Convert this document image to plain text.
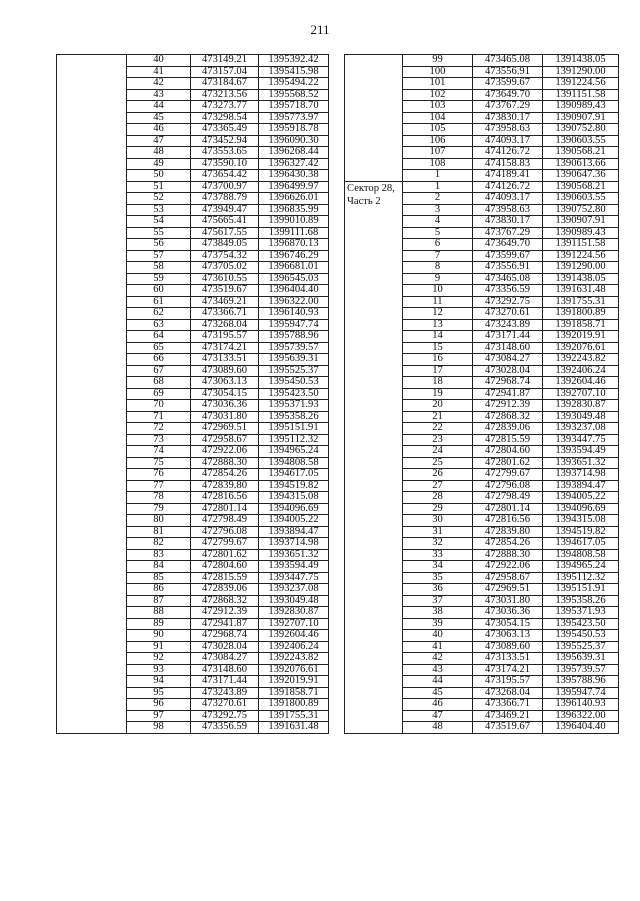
211
	40	473149.21	1395392.42
	41	473157.04	1395415.98
	42	473184.67	1395494.22
	43	473213.56	1395568.52
	44	473273.77	1395718.70
	45	473298.54	1395773.97
	46	473365.49	1395918.78
	47	473452.94	1396090.30
	48	473553.65	1396268.44
	49	473590.10	1396327.42
	50	473654.42	1396430.38
	51	473700.97	1396499.97
	52	473788.79	1396626.01
	53	473949.47	1396835.99
	54	475665.41	1399010.89
	55	475617.55	1399111.68
	56	473849.05	1396870.13
	57	473754.32	1396746.29
	58	473705.02	1396681.01
	59	473610.55	1396545.03
	60	473519.67	1396404.40
	61	473469.21	1396322.00
	62	473366.71	1396140.93
	63	473268.04	1395947.74
	64	473195.57	1395788.96
	65	473174.21	1395739.57
	66	473133.51	1395639.31
	67	473089.60	1395525.37
	68	473063.13	1395450.53
	69	473054.15	1395423.50
	70	473036.36	1395371.93
	71	473031.80	1395358.26
	72	472969.51	1395151.91
	73	472958.67	1395112.32
	74	472922.06	1394965.24
	75	472888.30	1394808.58
	76	472854.26	1394617.05
	77	472839.80	1394519.82
	78	472816.56	1394315.08
	79	472801.14	1394096.69
	80	472798.49	1394005.22
	81	472796.08	1393894.47
	82	472799.67	1393714.98
	83	472801.62	1393651.32
	84	472804.60	1393594.49
	85	472815.59	1393447.75
	86	472839.06	1393237.08
	87	472868.32	1393049.48
	88	472912.39	1392830.87
	89	472941.87	1392707.10
	90	472968.74	1392604.46
	91	473028.04	1392406.24
	92	473084.27	1392243.82
	93	473148.60	1392076.61
	94	473171.44	1392019.91
	95	473243.89	1391858.71
	96	473270.61	1391800.89
	97	473292.75	1391755.31
	98	473356.59	1391631.48
	99	473465.08	1391438.05
	100	473556.91	1391290.00
	101	473599.67	1391224.56
	102	473649.70	1391151.58
	103	473767.29	1390989.43
	104	473830.17	1390907.91
	105	473958.63	1390752.80
	106	474093.17	1390603.55
	107	474126.72	1390568.21
	108	474158.83	1390613.66
	1	474189.41	1390647.36
Сектор 28,
Часть 2	1	474126.72	1390568.21
	2	474093.17	1390603.55
	3	473958.63	1390752.80
	4	473830.17	1390907.91
	5	473767.29	1390989.43
	6	473649.70	1391151.58
	7	473599.67	1391224.56
	8	473556.91	1391290.00
	9	473465.08	1391438.05
	10	473356.59	1391631.48
	11	473292.75	1391755.31
	12	473270.61	1391800.89
	13	473243.89	1391858.71
	14	473171.44	1392019.91
	15	473148.60	1392076.61
	16	473084.27	1392243.82
	17	473028.04	1392406.24
	18	472968.74	1392604.46
	19	472941.87	1392707.10
	20	472912.39	1392830.87
	21	472868.32	1393049.48
	22	472839.06	1393237.08
	23	472815.59	1393447.75
	24	472804.60	1393594.49
	25	472801.62	1393651.32
	26	472799.67	1393714.98
	27	472796.08	1393894.47
	28	472798.49	1394005.22
	29	472801.14	1394096.69
	30	472816.56	1394315.08
	31	472839.80	1394519.82
	32	472854.26	1394617.05
	33	472888.30	1394808.58
	34	472922.06	1394965.24
	35	472958.67	1395112.32
	36	472969.51	1395151.91
	37	473031.80	1395358.26
	38	473036.36	1395371.93
	39	473054.15	1395423.50
	40	473063.13	1395450.53
	41	473089.60	1395525.37
	42	473133.51	1395639.31
	43	473174.21	1395739.57
	44	473195.57	1395788.96
	45	473268.04	1395947.74
	46	473366.71	1396140.93
	47	473469.21	1396322.00
	48	473519.67	1396404.40
